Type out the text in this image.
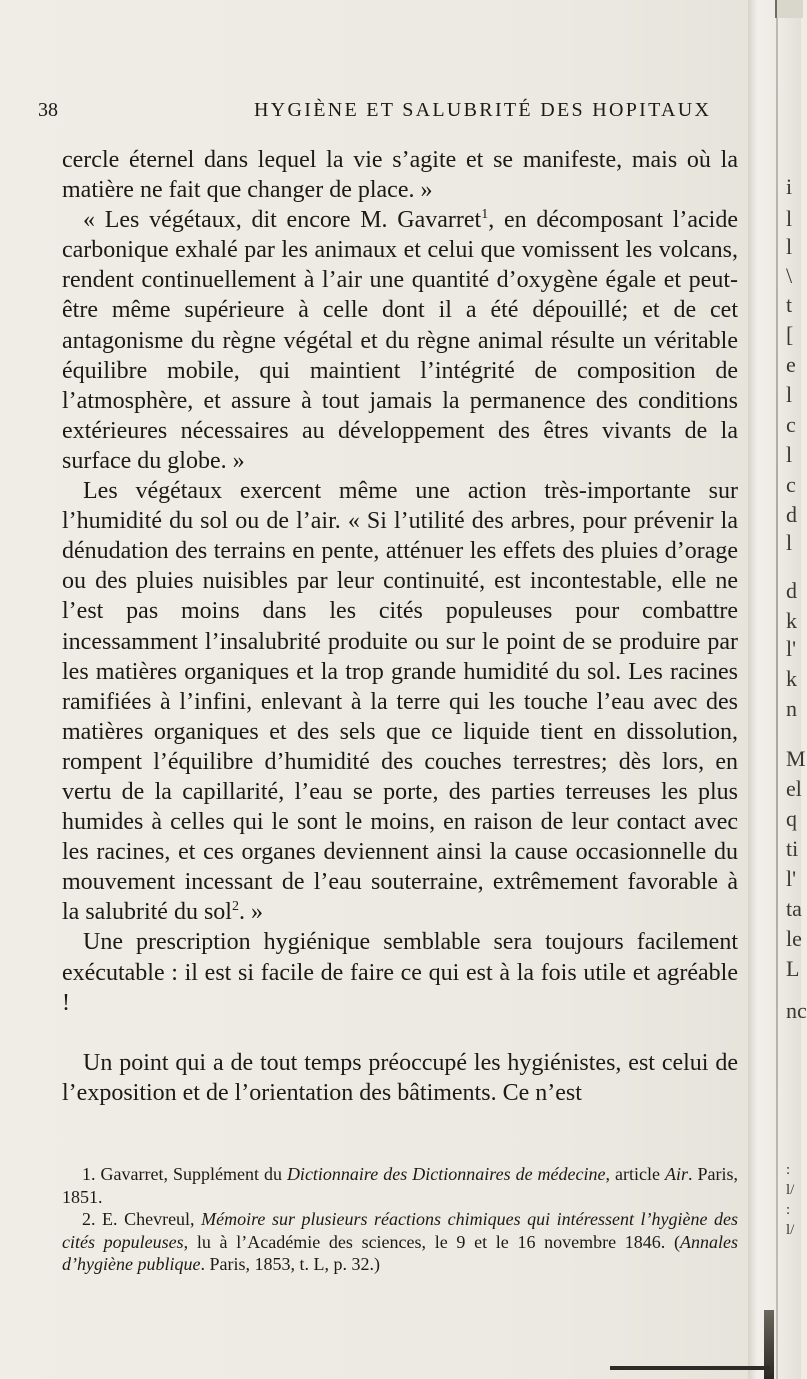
i
l
l
\
t
[
e
l
c
l
c
d
l
d
k
l'
k
n
M
el
q
ti
l'
ta
le
L
nc
:
l/
:
l/
38	HYGIÈNE ET SALUBRITÉ DES HOPITAUX

cercle éternel dans lequel la vie s’agite et se manifeste, mais où la matière ne fait que changer de place. »

« Les végétaux, dit encore M. Gavarret$^1$, en décomposant l’acide carbonique exhalé par les animaux et celui que vomissent les volcans, rendent continuellement à l’air une quantité d’oxygène égale et peut-être même supérieure à celle dont il a été dépouillé; et de cet antagonisme du règne végétal et du règne animal résulte un véritable équilibre mobile, qui maintient l’intégrité de composition de l’atmosphère, et assure à tout jamais la permanence des conditions extérieures nécessaires au développement des êtres vivants de la surface du globe. »

Les végétaux exercent même une action très-importante sur l’humidité du sol ou de l’air. « Si l’utilité des arbres, pour prévenir la dénudation des terrains en pente, atténuer les effets des pluies d’orage ou des pluies nuisibles par leur continuité, est incontestable, elle ne l’est pas moins dans les cités populeuses pour combattre incessamment l’insalubrité produite ou sur le point de se produire par les matières organiques et la trop grande humidité du sol. Les racines ramifiées à l’infini, enlevant à la terre qui les touche l’eau avec des matières organiques et des sels que ce liquide tient en dissolution, rompent l’équilibre d’humidité des couches terrestres; dès lors, en vertu de la capillarité, l’eau se porte, des parties terreuses les plus humides à celles qui le sont le moins, en raison de leur contact avec les racines, et ces organes deviennent ainsi la cause occasionnelle du mouvement incessant de l’eau souterraine, extrêmement favorable à la salubrité du sol$^2$. »

Une prescription hygiénique semblable sera toujours facilement exécutable : il est si facile de faire ce qui est à la fois utile et agréable !

Un point qui a de tout temps préoccupé les hygiénistes, est celui de l’exposition et de l’orientation des bâtiments. Ce n’est

1. Gavarret, Supplément du Dictionnaire des Dictionnaires de médecine, article Air. Paris, 1851.

2. E. Chevreul, Mémoire sur plusieurs réactions chimiques qui intéressent l’hygiène des cités populeuses, lu à l’Académie des sciences, le 9 et le 16 novembre 1846. (Annales d’hygiène publique. Paris, 1853, t. L, p. 32.)
